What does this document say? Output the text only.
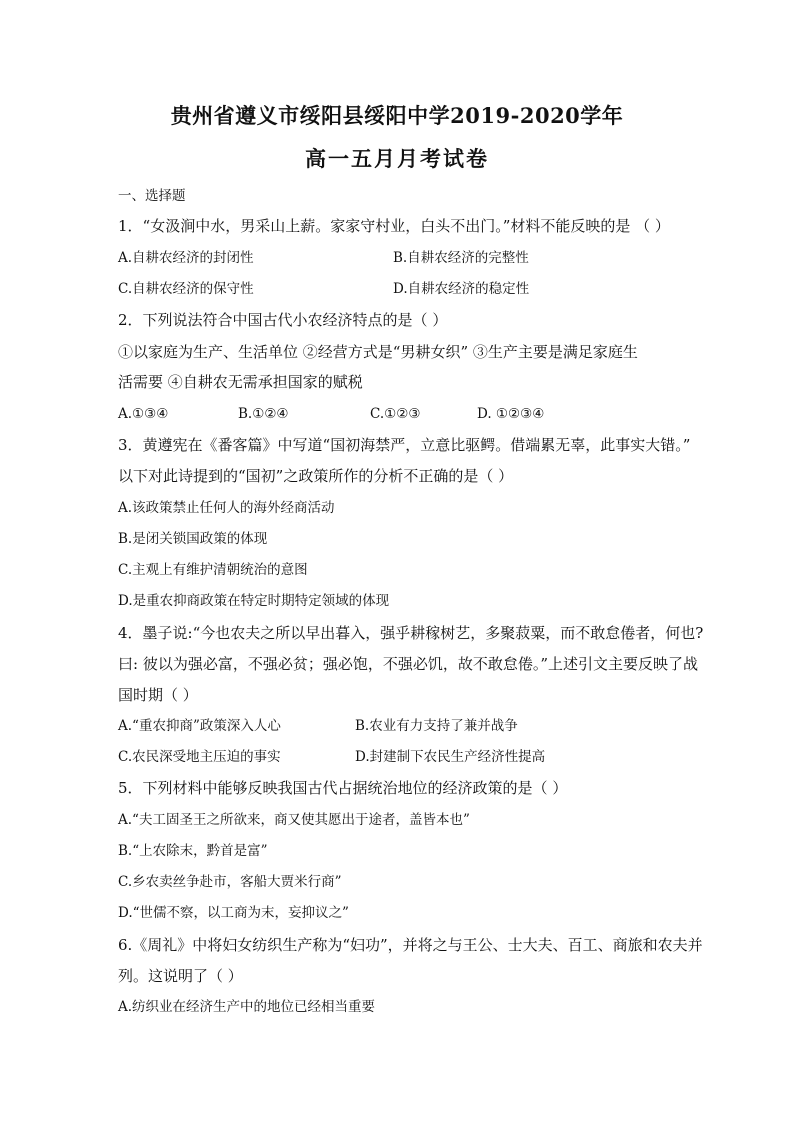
贵州省遵义市绥阳县绥阳中学2019-2020学年
高一五月月考试卷
一、选择题
1．“女汲涧中水，男采山上薪。家家守村业，白头不出门。”材料不能反映的是 （ ）
A.自耕农经济的封闭性	B.自耕农经济的完整性
C.自耕农经济的保守性	D.自耕农经济的稳定性
2．下列说法符合中国古代小农经济特点的是（ ）
①以家庭为生产、生活单位 ②经营方式是“男耕女织” ③生产主要是满足家庭生
活需要 ④自耕农无需承担国家的赋税
A.①③④	B.①②④	C.①②③	D. ①②③④
3．黄遵宪在《番客篇》中写道“国初海禁严，立意比驱鳄。借端累无辜，此事实大错。”
以下对此诗提到的“国初”之政策所作的分析不正确的是（ ）
A.该政策禁止任何人的海外经商活动
B.是闭关锁国政策的体现
C.主观上有维护清朝统治的意图
D.是重农抑商政策在特定时期特定领域的体现
4．墨子说:“今也农夫之所以早出暮入，强乎耕稼树艺，多聚菽粟，而不敢怠倦者，何也?
曰: 彼以为强必富，不强必贫；强必饱，不强必饥，故不敢怠倦。”上述引文主要反映了战
国时期（ ）
A.“重农抑商”政策深入人心	B.农业有力支持了兼并战争
C.农民深受地主压迫的事实	D.封建制下农民生产经济性提高
5．下列材料中能够反映我国古代占据统治地位的经济政策的是（ ）
A.“夫工固圣王之所欲来，商又使其愿出于途者，盖皆本也”
B.“上农除末，黔首是富”
C.乡农卖丝争赴市，客船大贾米行商”
D.“世儒不察，以工商为末，妄抑议之”
6.《周礼》中将妇女纺织生产称为“妇功”，并将之与王公、士大夫、百工、商旅和农夫并
列。这说明了（ ）
A.纺织业在经济生产中的地位已经相当重要
